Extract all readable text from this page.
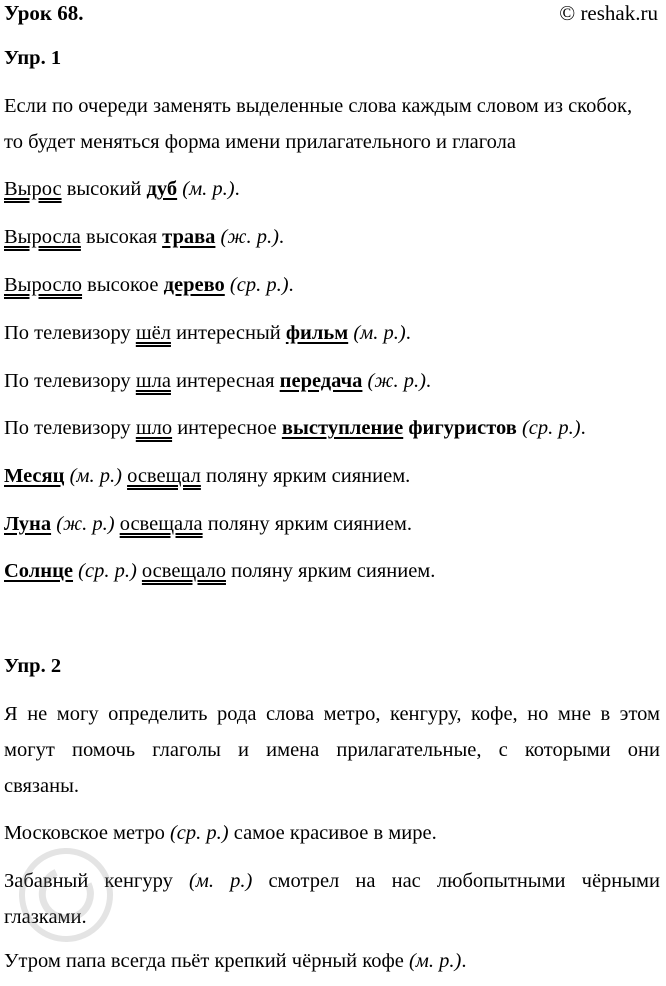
Урок 68.	© reshak.ru
Упр. 1
Если по очереди заменять выделенные слова каждым словом из скобок,
то будет меняться форма имени прилагательного и глагола
Вырос высокий дуб (м. р.).
Выросла высокая трава (ж. р.).
Выросло высокое дерево (ср. р.).
По телевизору шёл интересный фильм (м. р.).
По телевизору шла интересная передача (ж. р.).
По телевизору шло интересное выступление фигуристов (ср. р.).
Месяц (м. р.) освещал поляну ярким сиянием.
Луна (ж. р.) освещала поляну ярким сиянием.
Солнце (ср. р.) освещало поляну ярким сиянием.
Упр. 2
Я не могу определить рода слова метро, кенгуру, кофе, но мне в этом
могут помочь глаголы и имена прилагательные, с которыми они
связаны.
Московское метро (ср. р.) самое красивое в мире.
Забавный кенгуру (м. р.) смотрел на нас любопытными чёрными
глазками.
Утром папа всегда пьёт крепкий чёрный кофе (м. р.).
